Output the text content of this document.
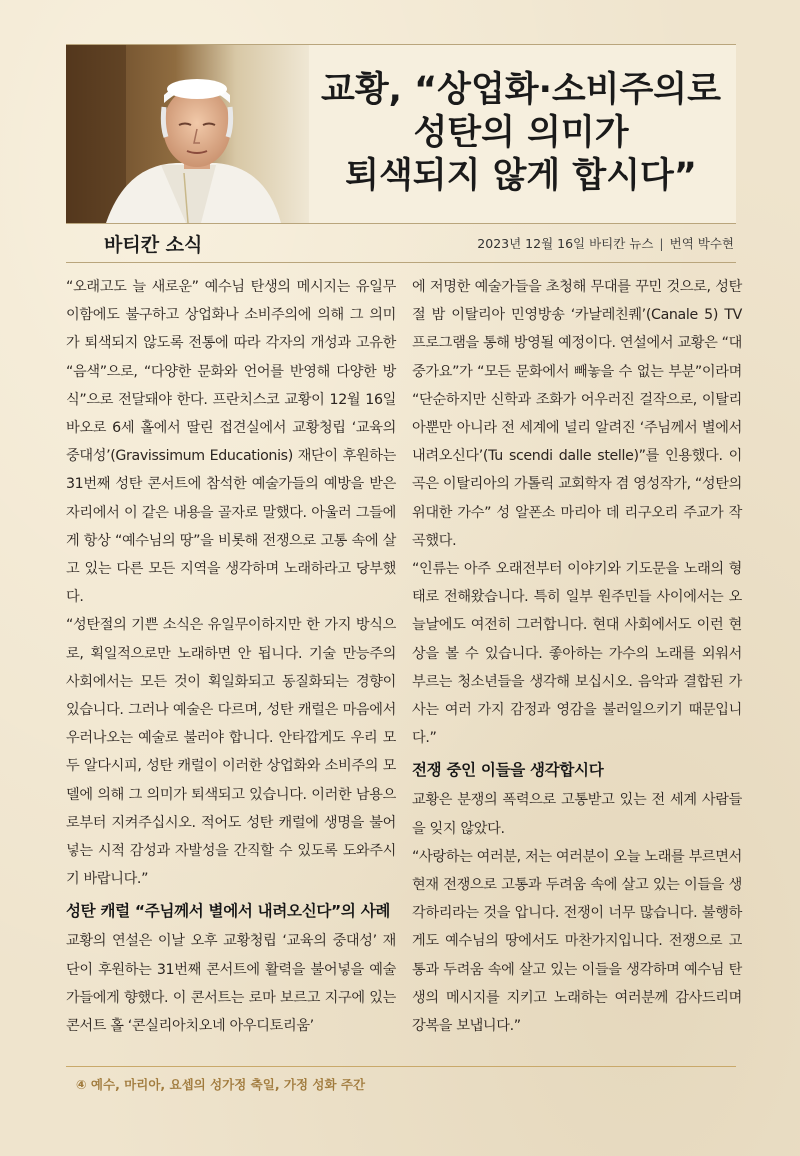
교황, “상업화·소비주의로
성탄의 의미가
퇴색되지 않게 합시다”
바티칸 소식	2023년 12월 16일 바티칸 뉴스 | 번역 박수현

“오래고도 늘 새로운” 예수님 탄생의 메시지는 유일무이함에도 불구하고 상업화나 소비주의에 의해 그 의미가 퇴색되지 않도록 전통에 따라 각자의 개성과 고유한 “음색”으로, “다양한 문화와 언어를 반영해 다양한 방식”으로 전달돼야 한다. 프란치스코 교황이 12월 16일 바오로 6세 홀에서 딸린 접견실에서 교황청립 ‘교육의 중대성’(Gravissimum Educationis) 재단이 후원하는 31번째 성탄 콘서트에 참석한 예술가들의 예방을 받은 자리에서 이 같은 내용을 골자로 말했다. 아울러 그들에게 항상 “예수님의 땅”을 비롯해 전쟁으로 고통 속에 살고 있는 다른 모든 지역을 생각하며 노래하라고 당부했다.

“성탄절의 기쁜 소식은 유일무이하지만 한 가지 방식으로, 획일적으로만 노래하면 안 됩니다. 기술 만능주의 사회에서는 모든 것이 획일화되고 동질화되는 경향이 있습니다. 그러나 예술은 다르며, 성탄 캐럴은 마음에서 우러나오는 예술로 불러야 합니다. 안타깝게도 우리 모두 알다시피, 성탄 캐럴이 이러한 상업화와 소비주의 모델에 의해 그 의미가 퇴색되고 있습니다. 이러한 남용으로부터 지켜주십시오. 적어도 성탄 캐럴에 생명을 불어넣는 시적 감성과 자발성을 간직할 수 있도록 도와주시기 바랍니다.”

성탄 캐럴 “주님께서 별에서 내려오신다”의 사례

교황의 연설은 이날 오후 교황청립 ‘교육의 중대성’ 재단이 후원하는 31번째 콘서트에 활력을 불어넣을 예술가들에게 향했다. 이 콘서트는 로마 보르고 지구에 있는 콘서트 홀 ‘콘실리아치오네 아우디토리움’

에 저명한 예술가들을 초청해 무대를 꾸민 것으로, 성탄절 밤 이탈리아 민영방송 ‘카날레친퀘’(Canale 5) TV 프로그램을 통해 방영될 예정이다. 연설에서 교황은 “대중가요”가 “모든 문화에서 빼놓을 수 없는 부분”이라며 “단순하지만 신학과 조화가 어우러진 걸작으로, 이탈리아뿐만 아니라 전 세계에 널리 알려진 ‘주님께서 별에서 내려오신다’(Tu scendi dalle stelle)”를 인용했다. 이 곡은 이탈리아의 가톨릭 교회학자 겸 영성작가, “성탄의 위대한 가수” 성 알폰소 마리아 데 리구오리 주교가 작곡했다.

“인류는 아주 오래전부터 이야기와 기도문을 노래의 형태로 전해왔습니다. 특히 일부 원주민들 사이에서는 오늘날에도 여전히 그러합니다. 현대 사회에서도 이런 현상을 볼 수 있습니다. 좋아하는 가수의 노래를 외워서 부르는 청소년들을 생각해 보십시오. 음악과 결합된 가사는 여러 가지 감정과 영감을 불러일으키기 때문입니다.”

전쟁 중인 이들을 생각합시다

교황은 분쟁의 폭력으로 고통받고 있는 전 세계 사람들을 잊지 않았다.

“사랑하는 여러분, 저는 여러분이 오늘 노래를 부르면서 현재 전쟁으로 고통과 두려움 속에 살고 있는 이들을 생각하리라는 것을 압니다. 전쟁이 너무 많습니다. 불행하게도 예수님의 땅에서도 마찬가지입니다. 전쟁으로 고통과 두려움 속에 살고 있는 이들을 생각하며 예수님 탄생의 메시지를 지키고 노래하는 여러분께 감사드리며 강복을 보냅니다.”

④ 예수, 마리아, 요셉의 성가정 축일, 가정 성화 주간
